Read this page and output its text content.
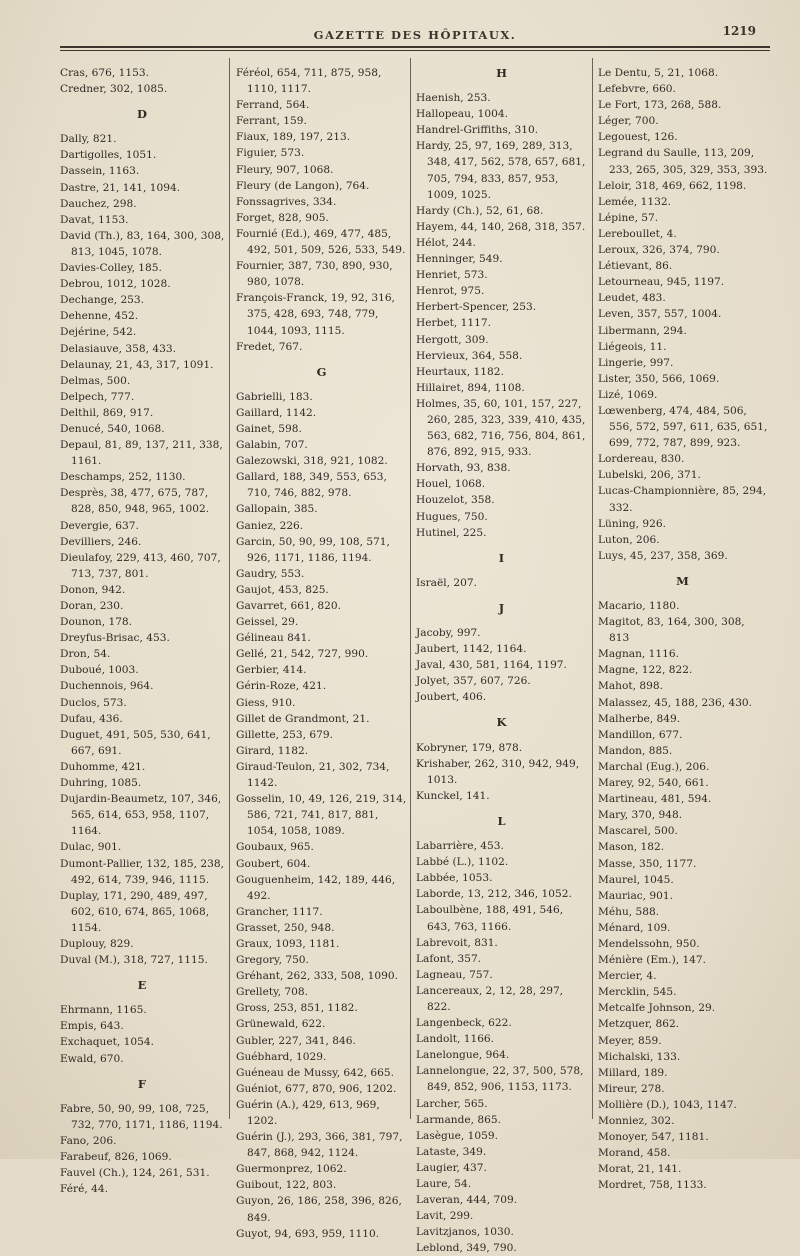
GAZETTE DES HÔPITAUX.	1219
Cras, 676, 1153.
Credner, 302, 1085.
D
Dally, 821.
Dartigolles, 1051.
Dassein, 1163.
Dastre, 21, 141, 1094.
Dauchez, 298.
Davat, 1153.
David (Th.), 83, 164, 300, 308, 813, 1045, 1078.
Davies-Colley, 185.
Debrou, 1012, 1028.
Dechange, 253.
Dehenne, 452.
Dejérine, 542.
Delasiauve, 358, 433.
Delaunay, 21, 43, 317, 1091.
Delmas, 500.
Delpech, 777.
Delthil, 869, 917.
Denucé, 540, 1068.
Depaul, 81, 89, 137, 211, 338, 1161.
Deschamps, 252, 1130.
Desprès, 38, 477, 675, 787, 828, 850, 948, 965, 1002.
Devergie, 637.
Devilliers, 246.
Dieulafoy, 229, 413, 460, 707, 713, 737, 801.
Donon, 942.
Doran, 230.
Dounon, 178.
Dreyfus-Brisac, 453.
Dron, 54.
Duboué, 1003.
Duchennois, 964.
Duclos, 573.
Dufau, 436.
Duguet, 491, 505, 530, 641, 667, 691.
Duhomme, 421.
Duhring, 1085.
Dujardin-Beaumetz, 107, 346, 565, 614, 653, 958, 1107, 1164.
Dulac, 901.
Dumont-Pallier, 132, 185, 238, 492, 614, 739, 946, 1115.
Duplay, 171, 290, 489, 497, 602, 610, 674, 865, 1068, 1154.
Duplouy, 829.
Duval (M.), 318, 727, 1115.
E
Ehrmann, 1165.
Empis, 643.
Exchaquet, 1054.
Ewald, 670.
F
Fabre, 50, 90, 99, 108, 725, 732, 770, 1171, 1186, 1194.
Fano, 206.
Farabeuf, 826, 1069.
Fauvel (Ch.), 124, 261, 531.
Féré, 44.
Féréol, 654, 711, 875, 958, 1110, 1117.
Ferrand, 564.
Ferrant, 159.
Fiaux, 189, 197, 213.
Figuier, 573.
Fleury, 907, 1068.
Fleury (de Langon), 764.
Fonssagrives, 334.
Forget, 828, 905.
Fournié (Ed.), 469, 477, 485, 492, 501, 509, 526, 533, 549.
Fournier, 387, 730, 890, 930, 980, 1078.
François-Franck, 19, 92, 316, 375, 428, 693, 748, 779, 1044, 1093, 1115.
Fredet, 767.
G
Gabrielli, 183.
Gaillard, 1142.
Gainet, 598.
Galabin, 707.
Galezowski, 318, 921, 1082.
Gallard, 188, 349, 553, 653, 710, 746, 882, 978.
Gallopain, 385.
Ganiez, 226.
Garcin, 50, 90, 99, 108, 571, 926, 1171, 1186, 1194.
Gaudry, 553.
Gaujot, 453, 825.
Gavarret, 661, 820.
Geissel, 29.
Gélineau 841.
Gellé, 21, 542, 727, 990.
Gerbier, 414.
Gérin-Roze, 421.
Giess, 910.
Gillet de Grandmont, 21.
Gillette, 253, 679.
Girard, 1182.
Giraud-Teulon, 21, 302, 734, 1142.
Gosselin, 10, 49, 126, 219, 314, 586, 721, 741, 817, 881, 1054, 1058, 1089.
Goubaux, 965.
Goubert, 604.
Gouguenheim, 142, 189, 446, 492.
Grancher, 1117.
Grasset, 250, 948.
Graux, 1093, 1181.
Gregory, 750.
Gréhant, 262, 333, 508, 1090.
Grellety, 708.
Gross, 253, 851, 1182.
Grünewald, 622.
Gubler, 227, 341, 846.
Guébhard, 1029.
Guéneau de Mussy, 642, 665.
Guéniot, 677, 870, 906, 1202.
Guérin (A.), 429, 613, 969, 1202.
Guérin (J.), 293, 366, 381, 797, 847, 868, 942, 1124.
Guermonprez, 1062.
Guibout, 122, 803.
Guyon, 26, 186, 258, 396, 826, 849.
Guyot, 94, 693, 959, 1110.
H
Haenish, 253.
Hallopeau, 1004.
Handrel-Griffiths, 310.
Hardy, 25, 97, 169, 289, 313, 348, 417, 562, 578, 657, 681, 705, 794, 833, 857, 953, 1009, 1025.
Hardy (Ch.), 52, 61, 68.
Hayem, 44, 140, 268, 318, 357.
Hélot, 244.
Henninger, 549.
Henriet, 573.
Henrot, 975.
Herbert-Spencer, 253.
Herbet, 1117.
Hergott, 309.
Hervieux, 364, 558.
Heurtaux, 1182.
Hillairet, 894, 1108.
Holmes, 35, 60, 101, 157, 227, 260, 285, 323, 339, 410, 435, 563, 682, 716, 756, 804, 861, 876, 892, 915, 933.
Horvath, 93, 838.
Houel, 1068.
Houzelot, 358.
Hugues, 750.
Hutinel, 225.
I
Israël, 207.
J
Jacoby, 997.
Jaubert, 1142, 1164.
Javal, 430, 581, 1164, 1197.
Jolyet, 357, 607, 726.
Joubert, 406.
K
Kobryner, 179, 878.
Krishaber, 262, 310, 942, 949, 1013.
Kunckel, 141.
L
Labarrière, 453.
Labbé (L.), 1102.
Labbée, 1053.
Laborde, 13, 212, 346, 1052.
Laboulbène, 188, 491, 546, 643, 763, 1166.
Labrevoit, 831.
Lafont, 357.
Lagneau, 757.
Lancereaux, 2, 12, 28, 297, 822.
Langenbeck, 622.
Landolt, 1166.
Lanelongue, 964.
Lannelongue, 22, 37, 500, 578, 849, 852, 906, 1153, 1173.
Larcher, 565.
Larmande, 865.
Lasègue, 1059.
Lataste, 349.
Laugier, 437.
Laure, 54.
Laveran, 444, 709.
Lavit, 299.
Lavitzjanos, 1030.
Leblond, 349, 790.
Le Dentu, 5, 21, 1068.
Lefebvre, 660.
Le Fort, 173, 268, 588.
Léger, 700.
Legouest, 126.
Legrand du Saulle, 113, 209, 233, 265, 305, 329, 353, 393.
Leloir, 318, 469, 662, 1198.
Lemée, 1132.
Lépine, 57.
Lereboullet, 4.
Leroux, 326, 374, 790.
Létievant, 86.
Letourneau, 945, 1197.
Leudet, 483.
Leven, 357, 557, 1004.
Libermann, 294.
Liégeois, 11.
Lingerie, 997.
Lister, 350, 566, 1069.
Lizé, 1069.
Lœwenberg, 474, 484, 506, 556, 572, 597, 611, 635, 651, 699, 772, 787, 899, 923.
Lordereau, 830.
Lubelski, 206, 371.
Lucas-Championnière, 85, 294, 332.
Lüning, 926.
Luton, 206.
Luys, 45, 237, 358, 369.
M
Macario, 1180.
Magitot, 83, 164, 300, 308, 813
Magnan, 1116.
Magne, 122, 822.
Mahot, 898.
Malassez, 45, 188, 236, 430.
Malherbe, 849.
Mandillon, 677.
Mandon, 885.
Marchal (Eug.), 206.
Marey, 92, 540, 661.
Martineau, 481, 594.
Mary, 370, 948.
Mascarel, 500.
Mason, 182.
Masse, 350, 1177.
Maurel, 1045.
Mauriac, 901.
Méhu, 588.
Ménard, 109.
Mendelssohn, 950.
Ménière (Em.), 147.
Mercier, 4.
Mercklin, 545.
Metcalfe Johnson, 29.
Metzquer, 862.
Meyer, 859.
Michalski, 133.
Millard, 189.
Mireur, 278.
Mollière (D.), 1043, 1147.
Monniez, 302.
Monoyer, 547, 1181.
Morand, 458.
Morat, 21, 141.
Mordret, 758, 1133.
